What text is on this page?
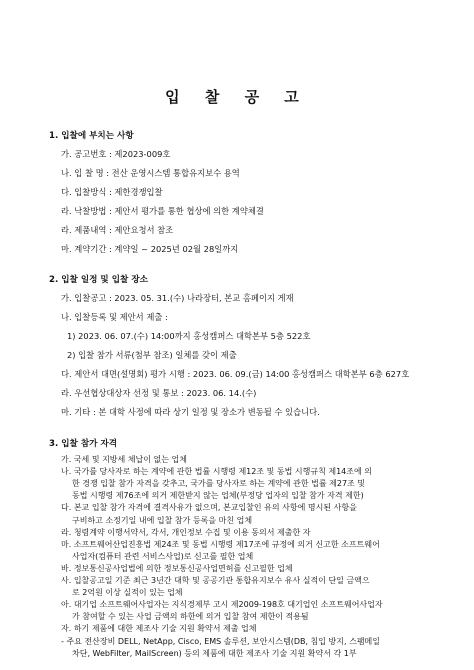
입 찰 공 고
1. 입찰에 부치는 사항
가. 공고번호 : 제2023-009호
나. 입 찰 명 : 전산 운영시스템 통합유지보수 용역
다. 입찰방식 : 제한경쟁입찰
라. 낙찰방법 : 제안서 평가를 통한 협상에 의한 계약체결
라. 제품내역 : 제안요청서 참조
마. 계약기간 : 계약일 ~ 2025년 02월 28일까지
2. 입찰 일정 및 입찰 장소
가. 입찰공고 : 2023. 05. 31.(수) 나라장터, 본교 홈페이지 게재
나. 입찰등록 및 제안서 제출 :
1) 2023. 06. 07.(수) 14:00까지 홍성캠퍼스 대학본부 5층 522호
2) 입찰 참가 서류(첨부 참조) 일체를 갖이 제출
다. 제안서 대면(설명회) 평가 시행 : 2023. 06. 09.(금) 14:00 홍성캠퍼스 대학본부 6층 627호
라. 우선협상대상자 선정 및 통보 : 2023. 06. 14.(수)
마. 기타 : 본 대학 사정에 따라 상기 일정 및 장소가 변동될 수 있습니다.
3. 입찰 참가 자격
가. 국세 및 지방세 체납이 없는 업체
나. 국가를 당사자로 하는 계약에 관한 법률 시행령 제12조 및 동법 시행규칙 제14조에 의
한 경쟁 입찰 참가 자격을 갖추고, 국가를 당사자로 하는 계약에 관한 법률 제27조 및
동법 시행령 제76조에 의거 제한받지 않는 업체(부정당 업자의 입찰 참가 자격 제한)
다. 본교 입찰 참가 자격에 결격사유가 없으며, 본교입찰인 유의 사항에 명시된 사항을
구비하고 소정기일 내에 입찰 참가 등록을 마친 업체
라. 청렴계약 이행서약서, 각서, 개인정보 수집 및 이용 동의서 제출한 자
마. 소프트웨어산업진흥법 제24조 및 동법 시행령 제17조에 규정에 의거 신고한 소프트웨어
사업자(컴퓨터 관련 서비스사업)로 신고를 필한 업체
바. 정보통신공사업법에 의한 정보통신공사업면허를 신고필한 업체
사. 입찰공고일 기준 최근 3년간 대학 및 공공기관 통합유지보수 유사 실적이 단일 금액으
로 2억원 이상 실적이 있는 업체
아. 대기업 소프트웨어사업자는 지식경제부 고시 제2009-198호 대기업인 소프트웨어사업자
가 참여할 수 있는 사업 금액의 하한에 의거 입찰 참여 제한이 적용됨
자. 하기 제품에 대한 제조사 기술 지원 확약서 제출 업체
- 주요 전산장비 DELL, NetApp, Cisco, EMS 솔루션, 보안시스템(DB, 침입 방지, 스팸메일
차단, WebFilter, MailScreen) 등의 제품에 대한 제조사 기술 지원 확약서 각 1부
